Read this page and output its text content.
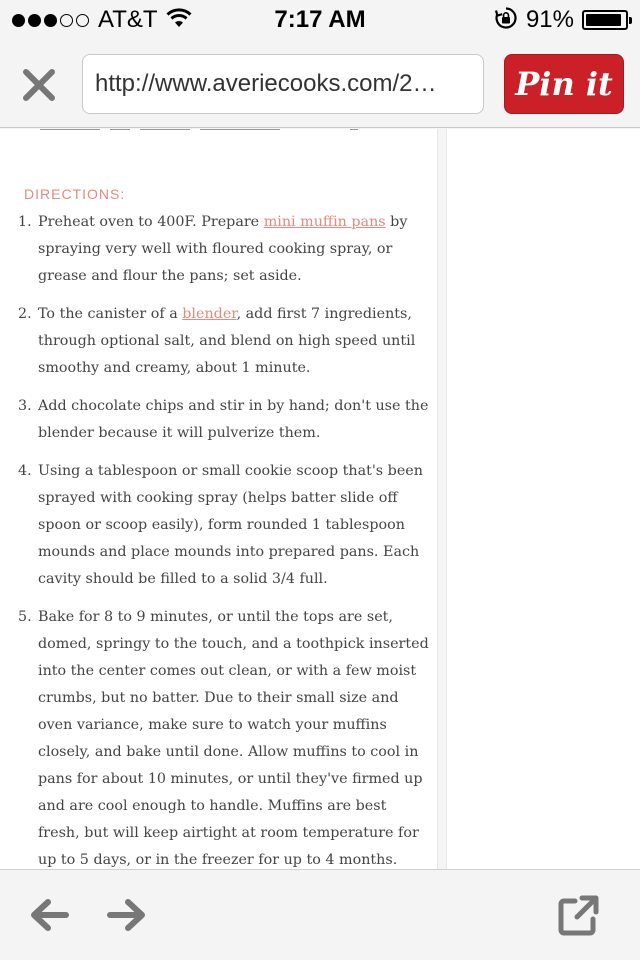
AT&T	7:17 AM	91%
http://www.averiecooks.com/2…	Pin it
DIRECTIONS:
1. Preheat oven to 400F. Prepare mini muffin pans by spraying very well with floured cooking spray, or grease and flour the pans; set aside.
2. To the canister of a blender, add first 7 ingredients, through optional salt, and blend on high speed until smoothy and creamy, about 1 minute.
3. Add chocolate chips and stir in by hand; don't use the blender because it will pulverize them.
4. Using a tablespoon or small cookie scoop that's been sprayed with cooking spray (helps batter slide off spoon or scoop easily), form rounded 1 tablespoon mounds and place mounds into prepared pans. Each cavity should be filled to a solid 3/4 full.
5. Bake for 8 to 9 minutes, or until the tops are set, domed, springy to the touch, and a toothpick inserted into the center comes out clean, or with a few moist crumbs, but no batter. Due to their small size and oven variance, make sure to watch your muffins closely, and bake until done. Allow muffins to cool in pans for about 10 minutes, or until they've firmed up and are cool enough to handle. Muffins are best fresh, but will keep airtight at room temperature for up to 5 days, or in the freezer for up to 4 months.
